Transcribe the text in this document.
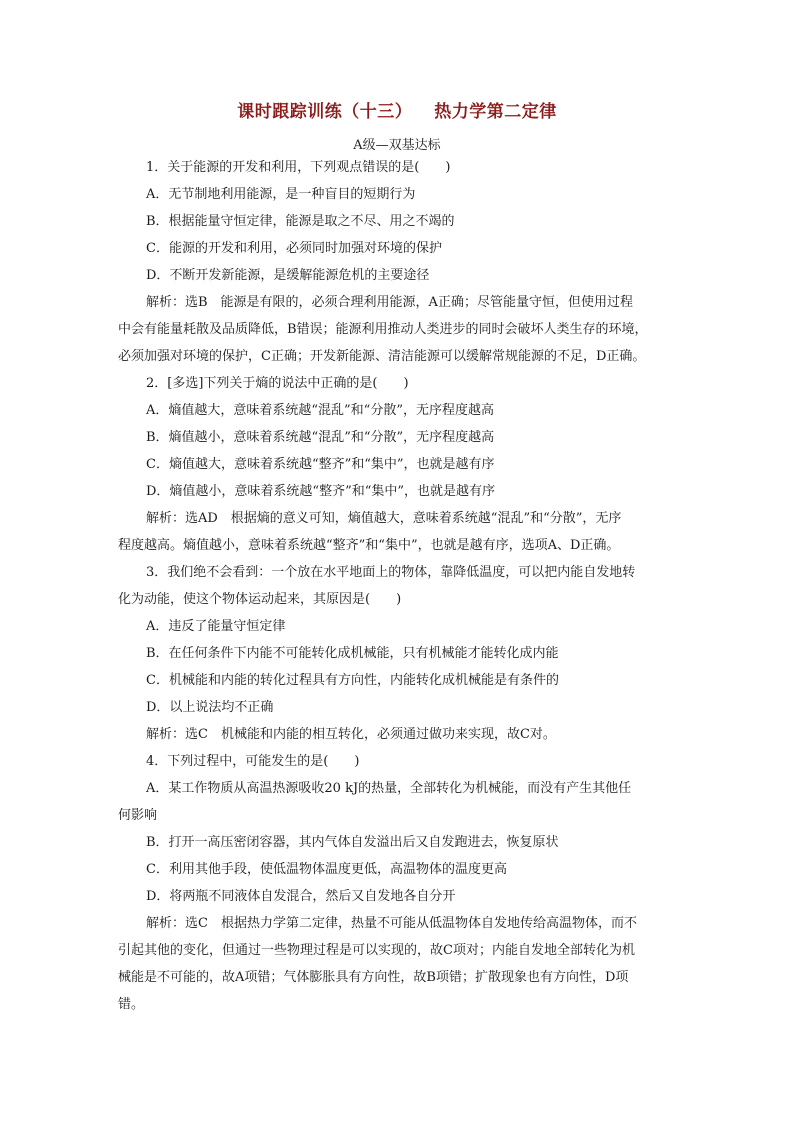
课时跟踪训练（十三） 热力学第二定律
A级—双基达标
1．关于能源的开发和利用，下列观点错误的是(　　)
A．无节制地利用能源，是一种盲目的短期行为
B．根据能量守恒定律，能源是取之不尽、用之不竭的
C．能源的开发和利用，必须同时加强对环境的保护
D．不断开发新能源，是缓解能源危机的主要途径
解析：选B　能源是有限的，必须合理利用能源，A正确；尽管能量守恒，但使用过程
中会有能量耗散及品质降低，B错误；能源利用推动人类进步的同时会破坏人类生存的环境，
必须加强对环境的保护，C正确；开发新能源、清洁能源可以缓解常规能源的不足，D正确。
2．[多选]下列关于熵的说法中正确的是(　　)
A．熵值越大，意味着系统越“混乱”和“分散”，无序程度越高
B．熵值越小，意味着系统越“混乱”和“分散”，无序程度越高
C．熵值越大，意味着系统越“整齐”和“集中”，也就是越有序
D．熵值越小，意味着系统越“整齐”和“集中”，也就是越有序
解析：选AD　根据熵的意义可知，熵值越大，意味着系统越“混乱”和“分散”，无序
程度越高。熵值越小，意味着系统越“整齐”和“集中”，也就是越有序，选项A、D正确。
3．我们绝不会看到：一个放在水平地面上的物体，靠降低温度，可以把内能自发地转
化为动能，使这个物体运动起来，其原因是(　　)
A．违反了能量守恒定律
B．在任何条件下内能不可能转化成机械能，只有机械能才能转化成内能
C．机械能和内能的转化过程具有方向性，内能转化成机械能是有条件的
D．以上说法均不正确
解析：选C　机械能和内能的相互转化，必须通过做功来实现，故C对。
4．下列过程中，可能发生的是(　　)
A．某工作物质从高温热源吸收20 kJ的热量，全部转化为机械能，而没有产生其他任
何影响
B．打开一高压密闭容器，其内气体自发溢出后又自发跑进去，恢复原状
C．利用其他手段，使低温物体温度更低，高温物体的温度更高
D．将两瓶不同液体自发混合，然后又自发地各自分开
解析：选C　根据热力学第二定律，热量不可能从低温物体自发地传给高温物体，而不
引起其他的变化，但通过一些物理过程是可以实现的，故C项对；内能自发地全部转化为机
械能是不可能的，故A项错；气体膨胀具有方向性，故B项错；扩散现象也有方向性，D项
错。
